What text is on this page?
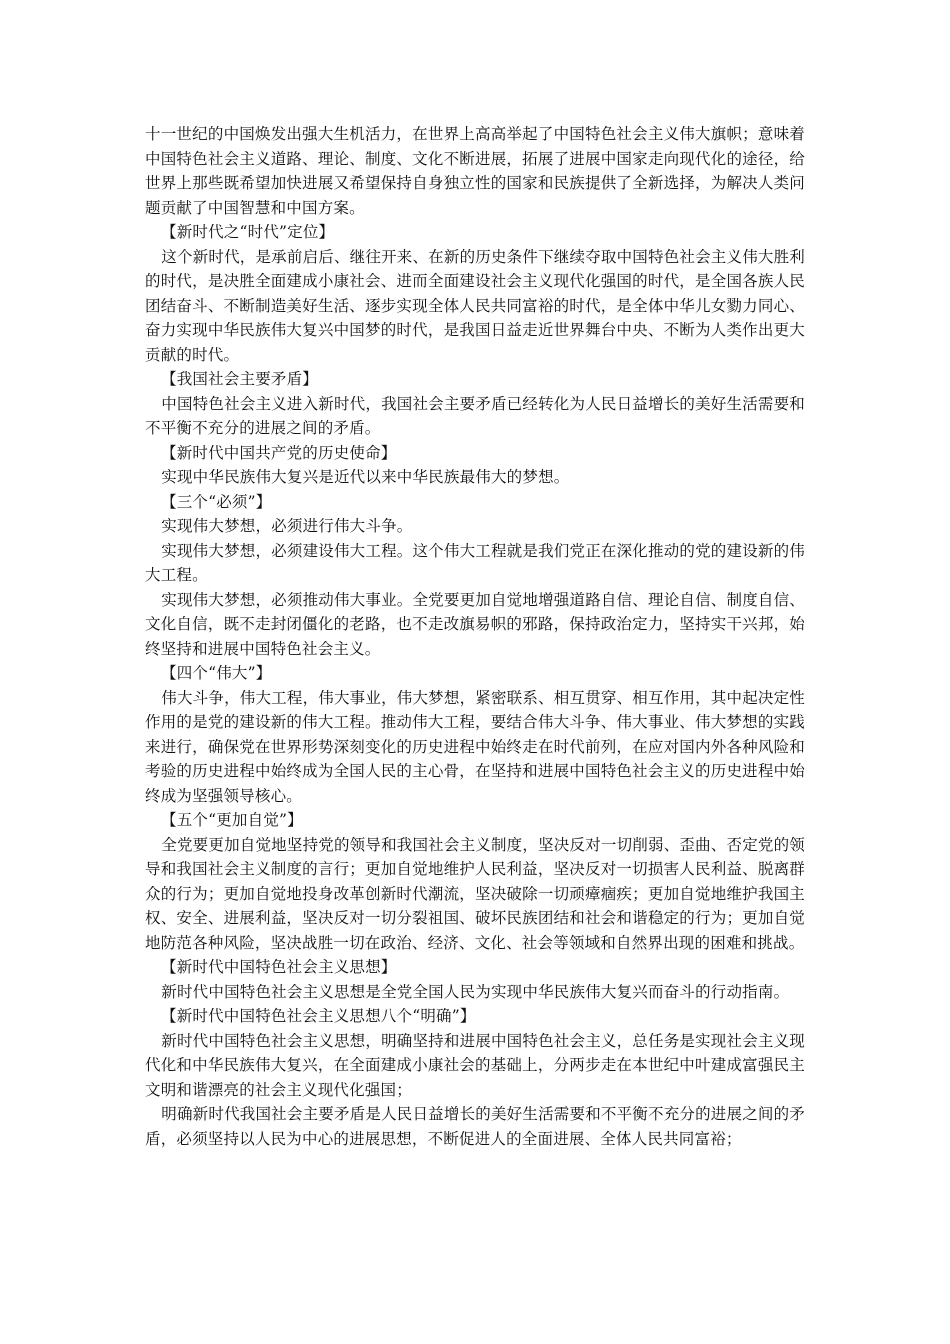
十一世纪的中国焕发出强大生机活力，在世界上高高举起了中国特色社会主义伟大旗帜；意味着中国特色社会主义道路、理论、制度、文化不断进展，拓展了进展中国家走向现代化的途径，给世界上那些既希望加快进展又希望保持自身独立性的国家和民族提供了全新选择，为解决人类问题贡献了中国智慧和中国方案。

【新时代之“时代”定位】

这个新时代，是承前启后、继往开来、在新的历史条件下继续夺取中国特色社会主义伟大胜利的时代，是决胜全面建成小康社会、进而全面建设社会主义现代化强国的时代，是全国各族人民团结奋斗、不断制造美好生活、逐步实现全体人民共同富裕的时代，是全体中华儿女勠力同心、奋力实现中华民族伟大复兴中国梦的时代，是我国日益走近世界舞台中央、不断为人类作出更大贡献的时代。

【我国社会主要矛盾】

中国特色社会主义进入新时代，我国社会主要矛盾已经转化为人民日益增长的美好生活需要和不平衡不充分的进展之间的矛盾。

【新时代中国共产党的历史使命】

实现中华民族伟大复兴是近代以来中华民族最伟大的梦想。

【三个“必须”】

实现伟大梦想，必须进行伟大斗争。

实现伟大梦想，必须建设伟大工程。这个伟大工程就是我们党正在深化推动的党的建设新的伟大工程。

实现伟大梦想，必须推动伟大事业。全党要更加自觉地增强道路自信、理论自信、制度自信、文化自信，既不走封闭僵化的老路，也不走改旗易帜的邪路，保持政治定力，坚持实干兴邦，始终坚持和进展中国特色社会主义。

【四个“伟大”】

伟大斗争，伟大工程，伟大事业，伟大梦想，紧密联系、相互贯穿、相互作用，其中起决定性作用的是党的建设新的伟大工程。推动伟大工程，要结合伟大斗争、伟大事业、伟大梦想的实践来进行，确保党在世界形势深刻变化的历史进程中始终走在时代前列，在应对国内外各种风险和考验的历史进程中始终成为全国人民的主心骨，在坚持和进展中国特色社会主义的历史进程中始终成为坚强领导核心。

【五个“更加自觉”】

全党要更加自觉地坚持党的领导和我国社会主义制度，坚决反对一切削弱、歪曲、否定党的领导和我国社会主义制度的言行；更加自觉地维护人民利益，坚决反对一切损害人民利益、脱离群众的行为；更加自觉地投身改革创新时代潮流，坚决破除一切顽瘴痼疾；更加自觉地维护我国主权、安全、进展利益，坚决反对一切分裂祖国、破坏民族团结和社会和谐稳定的行为；更加自觉地防范各种风险，坚决战胜一切在政治、经济、文化、社会等领域和自然界出现的困难和挑战。

【新时代中国特色社会主义思想】

新时代中国特色社会主义思想是全党全国人民为实现中华民族伟大复兴而奋斗的行动指南。

【新时代中国特色社会主义思想八个“明确”】

新时代中国特色社会主义思想，明确坚持和进展中国特色社会主义，总任务是实现社会主义现代化和中华民族伟大复兴，在全面建成小康社会的基础上，分两步走在本世纪中叶建成富强民主文明和谐漂亮的社会主义现代化强国；

明确新时代我国社会主要矛盾是人民日益增长的美好生活需要和不平衡不充分的进展之间的矛盾，必须坚持以人民为中心的进展思想，不断促进人的全面进展、全体人民共同富裕；
